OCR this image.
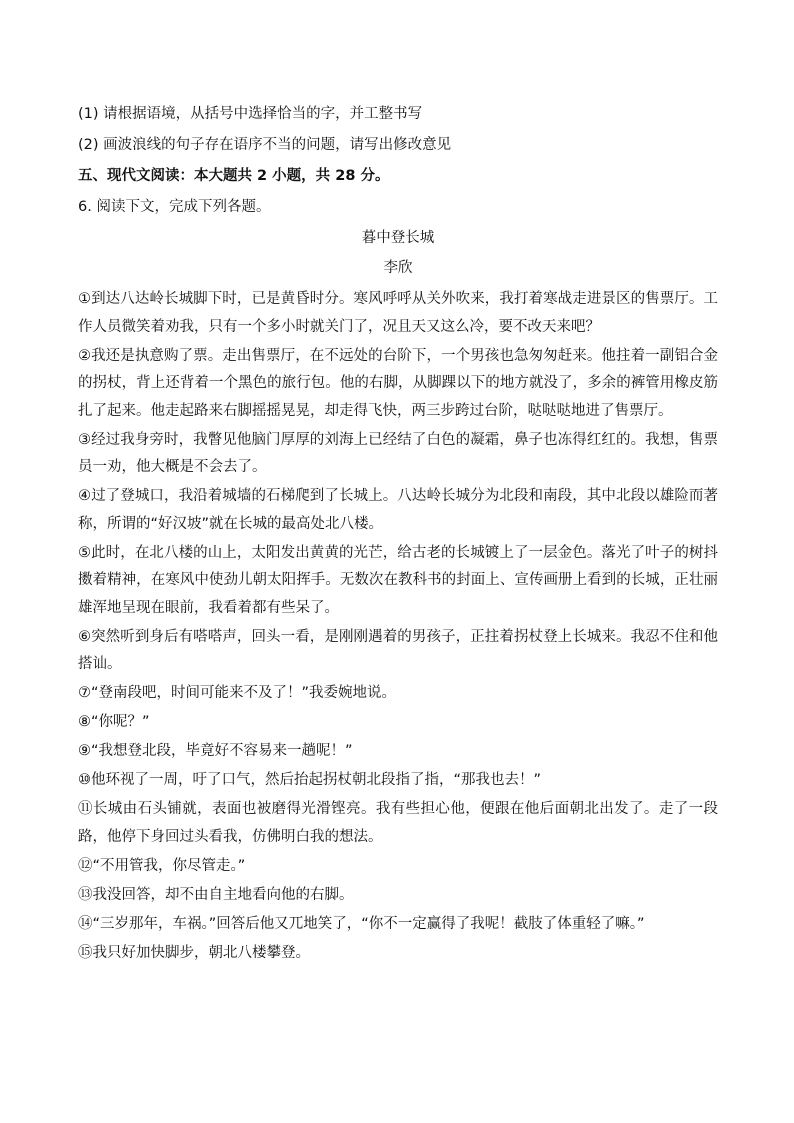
(1) 请根据语境，从括号中选择恰当的字，并工整书写
(2) 画波浪线的句子存在语序不当的问题，请写出修改意见
五、现代文阅读：本大题共 2 小题，共 28 分。
6. 阅读下文，完成下列各题。
暮中登长城
李欣
①到达八达岭长城脚下时，已是黄昏时分。寒风呼呼从关外吹来，我打着寒战走进景区的售票厅。工作人员微笑着劝我，只有一个多小时就关门了，况且天又这么冷，要不改天来吧？
②我还是执意购了票。走出售票厅，在不远处的台阶下，一个男孩也急匆匆赶来。他拄着一副铝合金的拐杖，背上还背着一个黑色的旅行包。他的右脚，从脚踝以下的地方就没了，多余的裤管用橡皮筋扎了起来。他走起路来右脚摇摇晃晃，却走得飞快，两三步跨过台阶，哒哒哒地进了售票厅。
③经过我身旁时，我瞥见他脑门厚厚的刘海上已经结了白色的凝霜，鼻子也冻得红红的。我想，售票员一劝，他大概是不会去了。
④过了登城口，我沿着城墙的石梯爬到了长城上。八达岭长城分为北段和南段，其中北段以雄险而著称，所谓的“好汉坡”就在长城的最高处北八楼。
⑤此时，在北八楼的山上，太阳发出黄黄的光芒，给古老的长城镀上了一层金色。落光了叶子的树抖擞着精神，在寒风中使劲儿朝太阳挥手。无数次在教科书的封面上、宣传画册上看到的长城，正壮丽雄浑地呈现在眼前，我看着都有些呆了。
⑥突然听到身后有嗒嗒声，回头一看，是刚刚遇着的男孩子，正拄着拐杖登上长城来。我忍不住和他搭讪。
⑦“登南段吧，时间可能来不及了！”我委婉地说。
⑧“你呢？”
⑨“我想登北段，毕竟好不容易来一趟呢！”
⑩他环视了一周，吁了口气，然后抬起拐杖朝北段指了指，“那我也去！”
⑪长城由石头铺就，表面也被磨得光滑铿亮。我有些担心他，便跟在他后面朝北出发了。走了一段路，他停下身回过头看我，仿佛明白我的想法。
⑫“不用管我，你尽管走。”
⑬我没回答，却不由自主地看向他的右脚。
⑭“三岁那年，车祸。”回答后他又兀地笑了，“你不一定赢得了我呢！截肢了体重轻了嘛。”
⑮我只好加快脚步，朝北八楼攀登。
